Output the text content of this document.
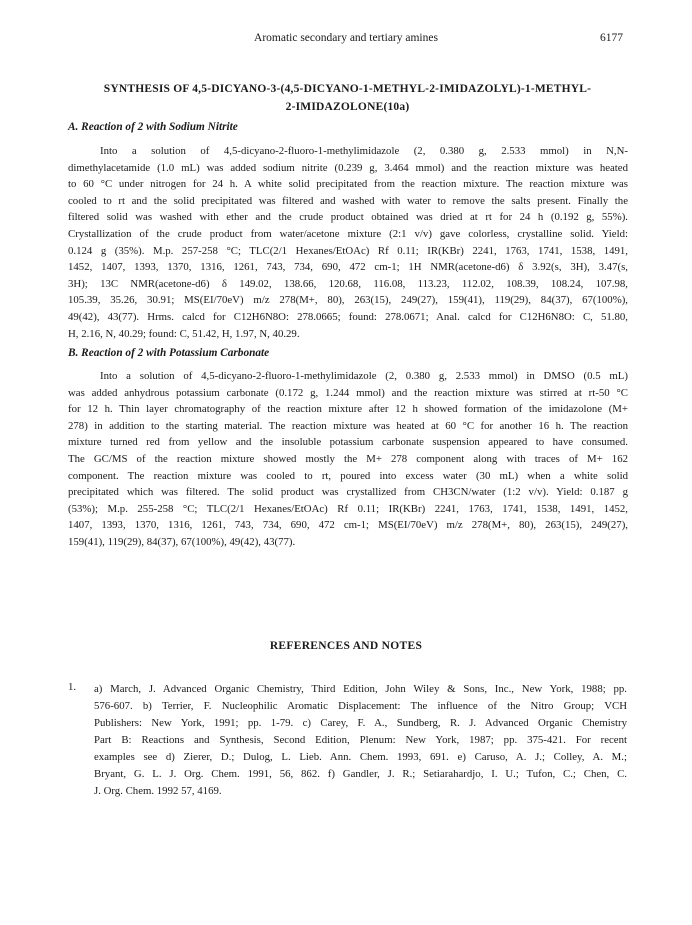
Aromatic secondary and tertiary amines	6177
SYNTHESIS OF 4,5-DICYANO-3-(4,5-DICYANO-1-METHYL-2-IMIDAZOLYL)-1-METHYL-
2-IMIDAZOLONE(10a)
A. Reaction of 2 with Sodium Nitrite
Into a solution of 4,5-dicyano-2-fluoro-1-methylimidazole (2, 0.380 g, 2.533 mmol) in N,N-
dimethylacetamide (1.0 mL) was added sodium nitrite (0.239 g, 3.464 mmol) and the reaction mixture was heated
to 60 °C under nitrogen for 24 h. A white solid precipitated from the reaction mixture. The reaction mixture was
cooled to rt and the solid precipitated was filtered and washed with water to remove the salts present. Finally the
filtered solid was washed with ether and the crude product obtained was dried at rt for 24 h (0.192 g, 55%).
Crystallization of the crude product from water/acetone mixture (2:1 v/v) gave colorless, crystalline solid. Yield:
0.124 g (35%). M.p. 257-258 °C; TLC(2/1 Hexanes/EtOAc) Rf 0.11; IR(KBr) 2241, 1763, 1741, 1538, 1491,
1452, 1407, 1393, 1370, 1316, 1261, 743, 734, 690, 472 cm-1; 1H NMR(acetone-d6) δ 3.92(s, 3H), 3.47(s,
3H); 13C NMR(acetone-d6) δ 149.02, 138.66, 120.68, 116.08, 113.23, 112.02, 108.39, 108.24, 107.98,
105.39, 35.26, 30.91; MS(EI/70eV) m/z 278(M+, 80), 263(15), 249(27), 159(41), 119(29), 84(37), 67(100%),
49(42), 43(77). Hrms. calcd for C12H6N8O: 278.0665; found: 278.0671; Anal. calcd for C12H6N8O: C, 51.80,
H, 2.16, N, 40.29; found: C, 51.42, H, 1.97, N, 40.29.
B. Reaction of 2 with Potassium Carbonate
Into a solution of 4,5-dicyano-2-fluoro-1-methylimidazole (2, 0.380 g, 2.533 mmol) in DMSO (0.5 mL)
was added anhydrous potassium carbonate (0.172 g, 1.244 mmol) and the reaction mixture was stirred at rt-50 °C
for 12 h. Thin layer chromatography of the reaction mixture after 12 h showed formation of the imidazolone (M+
278) in addition to the starting material. The reaction mixture was heated at 60 °C for another 16 h. The reaction
mixture turned red from yellow and the insoluble potassium carbonate suspension appeared to have consumed.
The GC/MS of the reaction mixture showed mostly the M+ 278 component along with traces of M+ 162
component. The reaction mixture was cooled to rt, poured into excess water (30 mL) when a white solid
precipitated which was filtered. The solid product was crystallized from CH3CN/water (1:2 v/v). Yield: 0.187 g
(53%); M.p. 255-258 °C; TLC(2/1 Hexanes/EtOAc) Rf 0.11; IR(KBr) 2241, 1763, 1741, 1538, 1491, 1452,
1407, 1393, 1370, 1316, 1261, 743, 734, 690, 472 cm-1; MS(EI/70eV) m/z 278(M+, 80), 263(15), 249(27),
159(41), 119(29), 84(37), 67(100%), 49(42), 43(77).
REFERENCES AND NOTES
1. a) March, J. Advanced Organic Chemistry, Third Edition, John Wiley & Sons, Inc., New York, 1988; pp.
576-607. b) Terrier, F. Nucleophilic Aromatic Displacement: The influence of the Nitro Group; VCH
Publishers: New York, 1991; pp. 1-79. c) Carey, F. A., Sundberg, R. J. Advanced Organic Chemistry
Part B: Reactions and Synthesis, Second Edition, Plenum: New York, 1987; pp. 375-421. For recent
examples see d) Zierer, D.; Dulog, L. Lieb. Ann. Chem. 1993, 691. e) Caruso, A. J.; Colley, A. M.;
Bryant, G. L. J. Org. Chem. 1991, 56, 862. f) Gandler, J. R.; Setiarahardjo, I. U.; Tufon, C.; Chen, C.
J. Org. Chem. 1992 57, 4169.
